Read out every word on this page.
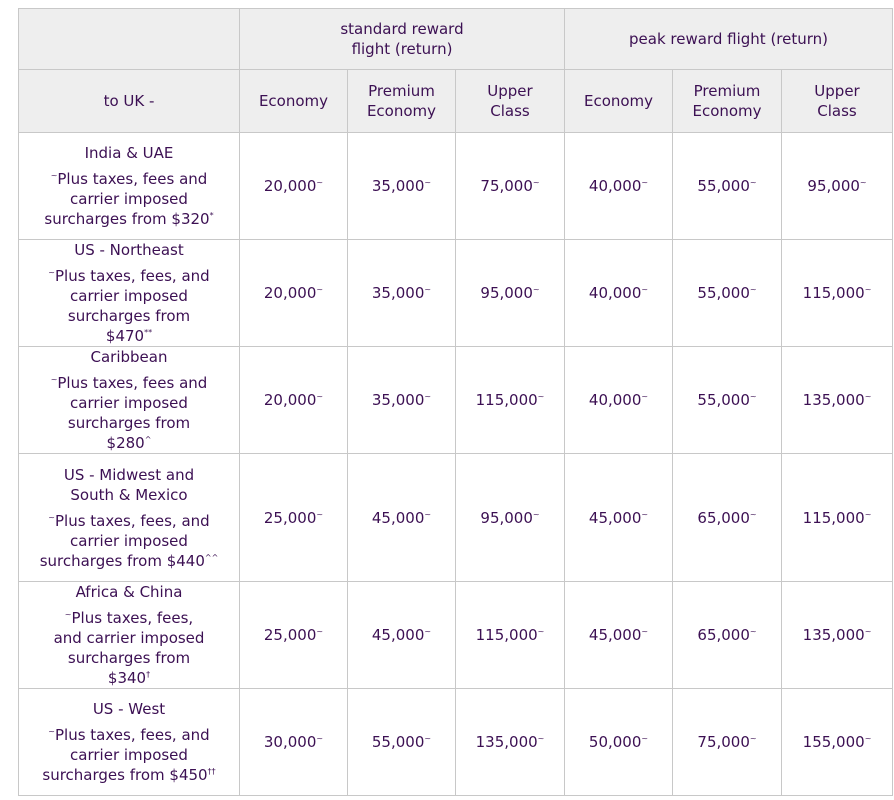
	standard reward flight (return)			peak reward flight (return)		
to UK -	Economy	Premium Economy	Upper Class	Economy	Premium Economy	Upper Class

India & UAE
~Plus taxes, fees and carrier imposed surcharges from $320*	20,000~	35,000~	75,000~	40,000~	55,000~	95,000~

US - Northeast
~Plus taxes, fees, and carrier imposed surcharges from $470**	20,000~	35,000~	95,000~	40,000~	55,000~	115,000~

Caribbean
~Plus taxes, fees and carrier imposed surcharges from $280^	20,000~	35,000~	115,000~	40,000~	55,000~	135,000~

US - Midwest and South & Mexico
~Plus taxes, fees, and carrier imposed surcharges from $440^^	25,000~	45,000~	95,000~	45,000~	65,000~	115,000~

Africa & China
~Plus taxes, fees, and carrier imposed surcharges from $340†	25,000~	45,000~	115,000~	45,000~	65,000~	135,000~

US - West
~Plus taxes, fees, and carrier imposed surcharges from $450††	30,000~	55,000~	135,000~	50,000~	75,000~	155,000~
